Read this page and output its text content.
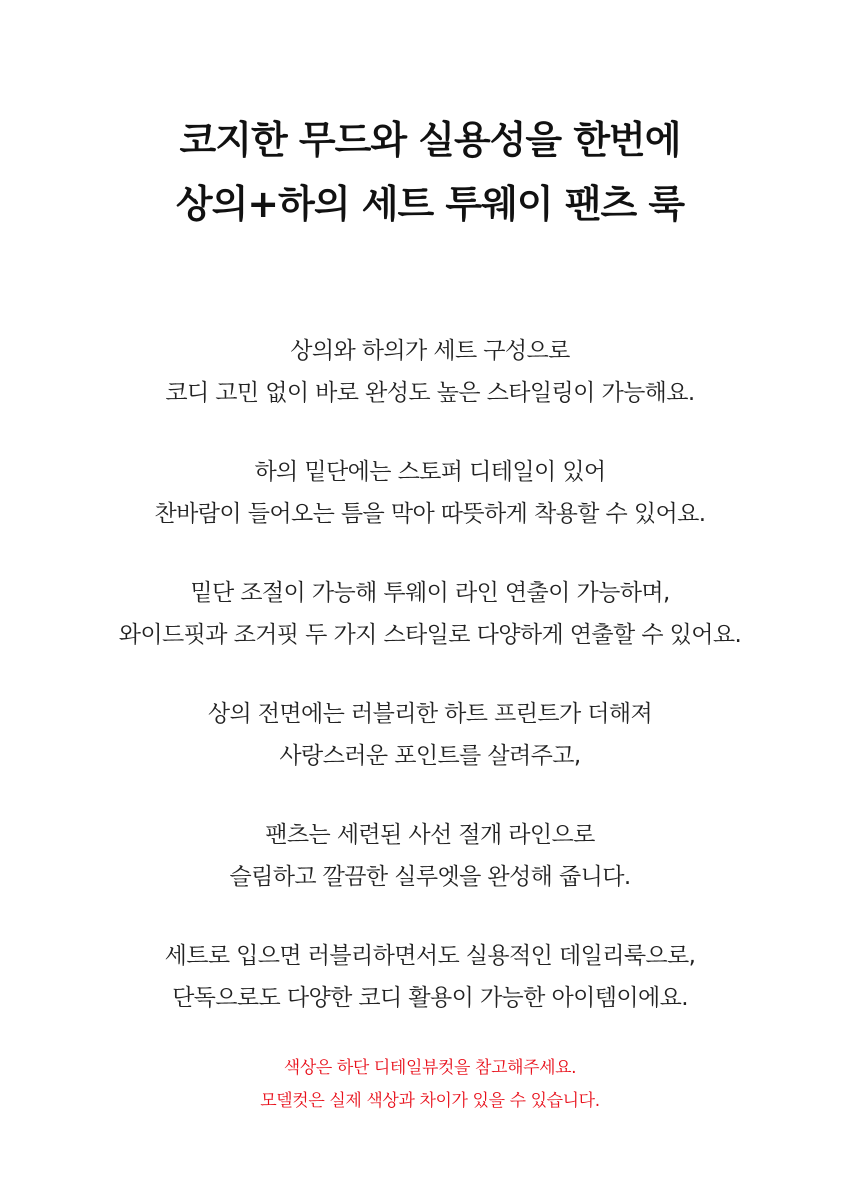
코지한 무드와 실용성을 한번에
상의+하의 세트 투웨이 팬츠 룩

상의와 하의가 세트 구성으로
코디 고민 없이 바로 완성도 높은 스타일링이 가능해요.

하의 밑단에는 스토퍼 디테일이 있어
찬바람이 들어오는 틈을 막아 따뜻하게 착용할 수 있어요.

밑단 조절이 가능해 투웨이 라인 연출이 가능하며,
와이드핏과 조거핏 두 가지 스타일로 다양하게 연출할 수 있어요.

상의 전면에는 러블리한 하트 프린트가 더해져
사랑스러운 포인트를 살려주고,

팬츠는 세련된 사선 절개 라인으로
슬림하고 깔끔한 실루엣을 완성해 줍니다.

세트로 입으면 러블리하면서도 실용적인 데일리룩으로,
단독으로도 다양한 코디 활용이 가능한 아이템이에요.

색상은 하단 디테일뷰컷을 참고해주세요.
모델컷은 실제 색상과 차이가 있을 수 있습니다.
